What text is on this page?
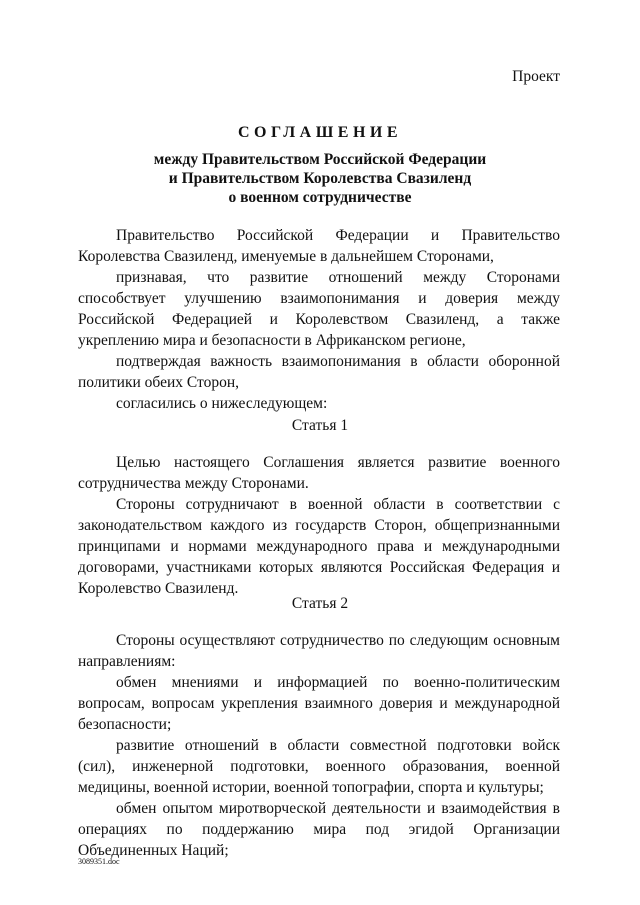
Проект
СОГЛАШЕНИЕ
между Правительством Российской Федерации
и Правительством Королевства Свазиленд
о военном сотрудничестве

Правительство Российской Федерации и Правительство Королевства Свазиленд, именуемые в дальнейшем Сторонами,

признавая, что развитие отношений между Сторонами способствует улучшению взаимопонимания и доверия между Российской Федерацией и Королевством Свазиленд, а также укреплению мира и безопасности в Африканском регионе,

подтверждая важность взаимопонимания в области оборонной политики обеих Сторон,

согласились о нижеследующем:

Статья 1

Целью настоящего Соглашения является развитие военного сотрудничества между Сторонами.

Стороны сотрудничают в военной области в соответствии с законодательством каждого из государств Сторон, общепризнанными принципами и нормами международного права и международными договорами, участниками которых являются Российская Федерация и Королевство Свазиленд.

Статья 2

Стороны осуществляют сотрудничество по следующим основным направлениям:

обмен мнениями и информацией по военно-политическим вопросам, вопросам укрепления взаимного доверия и международной безопасности;

развитие отношений в области совместной подготовки войск (сил), инженерной подготовки, военного образования, военной медицины, военной истории, военной топографии, спорта и культуры;

обмен опытом миротворческой деятельности и взаимодействия в операциях по поддержанию мира под эгидой Организации Объединенных Наций;

3089351.doc
